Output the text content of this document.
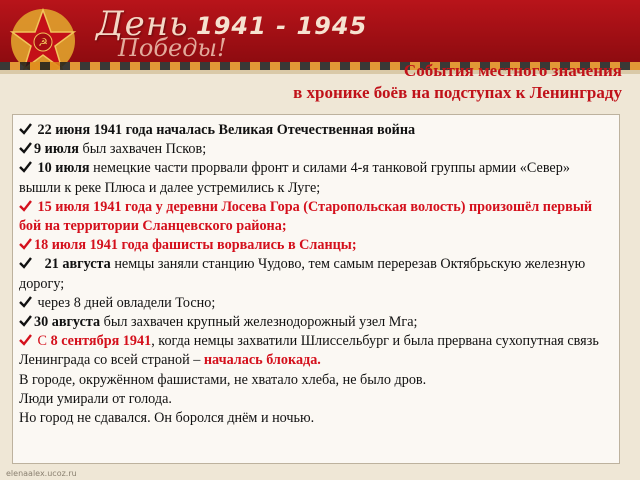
☭ День
Победы!
1941 - 1945
События местного значения
в хронике боёв на подступах к Ленинграду

22 июня 1941 года началась Великая Отечественная война

9 июля был захвачен Псков;

10 июля немецкие части прорвали фронт и силами 4-я танковой группы армии «Север» вышли к реке Плюса и далее устремились к Луге;

15 июля 1941 года у деревни Лосева Гора (Старопольская волость) произошёл первый бой на территории Сланцевского района;

18 июля 1941 года фашисты ворвались в Сланцы;

21 августа немцы заняли станцию Чудово, тем самым перерезав Октябрьскую железную дорогу;

через 8 дней овладели Тосно;

30 августа был захвачен крупный железнодорожный узел Мга;

С 8 сентября 1941, когда немцы захватили Шлиссельбург и была прервана сухопутная связь Ленинграда со всей страной – началась блокада.

В городе, окружённом фашистами, не хватало хлеба, не было дров.

Люди умирали от голода.

Но город не сдавался. Он боролся днём и ночью.

elenaalex.ucoz.ru
